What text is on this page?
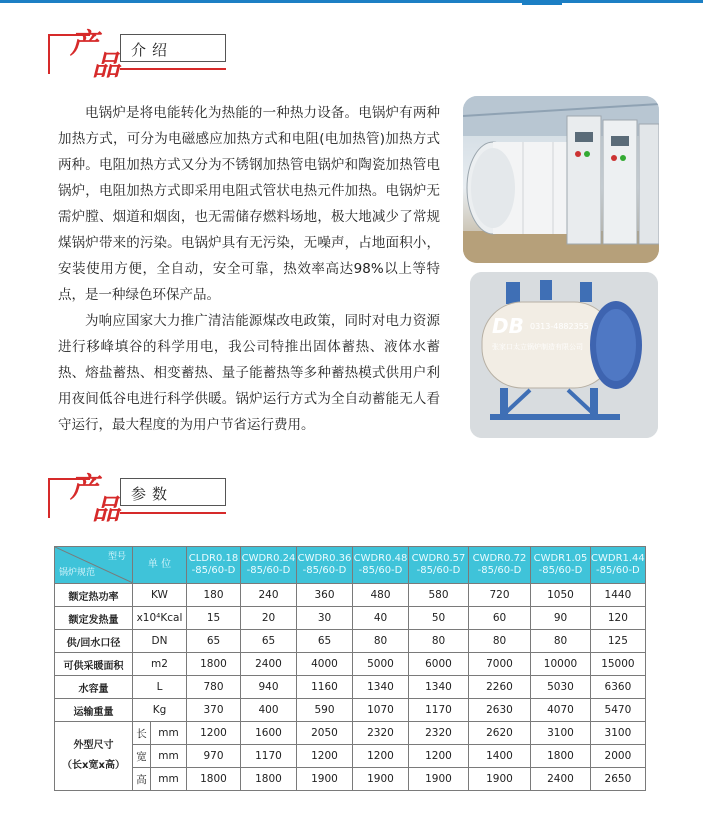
产
品 介绍

电锅炉是将电能转化为热能的一种热力设备。电锅炉有两种加热方式，可分为电磁感应加热方式和电阻(电加热管)加热方式两种。电阻加热方式又分为不锈钢加热管电锅炉和陶瓷加热管电锅炉，电阻加热方式即采用电阻式管状电热元件加热。电锅炉无需炉膛、烟道和烟囱，也无需储存燃料场地，极大地减少了常规煤锅炉带来的污染。电锅炉具有无污染，无噪声，占地面积小，安装使用方便，全自动，安全可靠，热效率高达98%以上等特点，是一种绿色环保产品。

为响应国家大力推广清洁能源煤改电政策，同时对电力资源进行移峰填谷的科学用电，我公司特推出固体蓄热、液体水蓄热、熔盐蓄热、相变蓄热、量子能蓄热等多种蓄热模式供用户利用夜间低谷电进行科学供暖。锅炉运行方式为全自动蓄能无人看守运行，最大程度的为用户节省运行费用。

DB 0313-4882355
张家口太立锅炉制造有限公司
产
品 参数
型号
锅炉规范	单 位		CLDR0.18 -85/60-D	CWDR0.24 -85/60-D	CWDR0.36 -85/60-D	CWDR0.48 -85/60-D	CWDR0.57 -85/60-D	CWDR0.72 -85/60-D	CWDR1.05 -85/60-D	CWDR1.44 -85/60-D
额定热功率	KW		180	240	360	480	580	720	1050	1440
额定发热量	x10⁴Kcal		15	20	30	40	50	60	90	120
供/回水口径	DN		65	65	65	80	80	80	80	125
可供采暖面积	m2		1800	2400	4000	5000	6000	7000	10000	15000
水容量	L		780	940	1160	1340	1340	2260	5030	6360
运输重量	Kg		370	400	590	1070	1170	2630	4070	5470

外型尺寸
（长x宽x高）	长	mm	1200	1600	2050	2320	2320	2620	3100	3100
	宽	mm	970	1170	1200	1200	1200	1400	1800	2000
	高	mm	1800	1800	1900	1900	1900	1900	2400	2650
